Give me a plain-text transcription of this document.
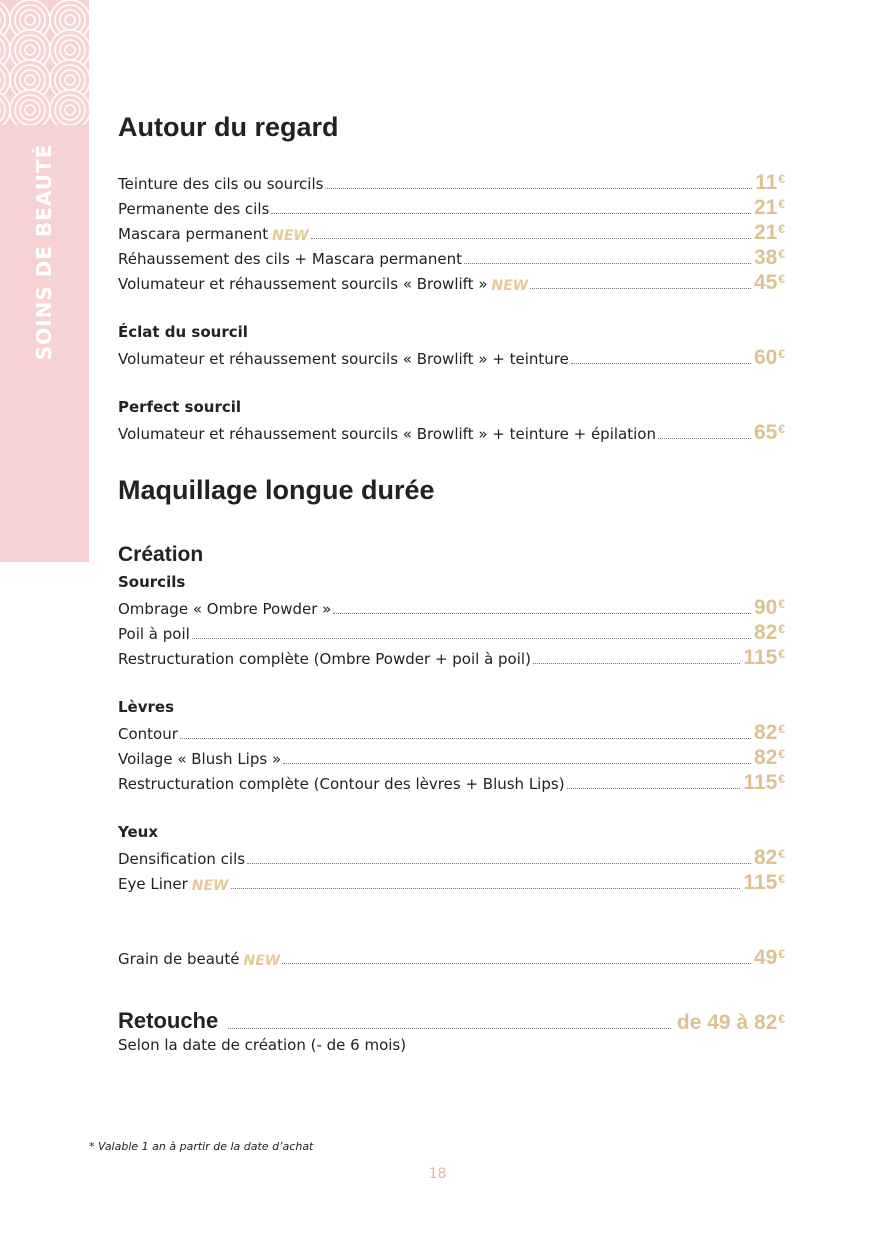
SOINS DE BEAUTÉ
Autour du regard
Teinture des cils ou sourcils	11€
Permanente des cils	21€
Mascara permanent NEW	21€
Réhaussement des cils + Mascara permanent	38€
Volumateur et réhaussement sourcils « Browlift » NEW	45€
Éclat du sourcil
Volumateur et réhaussement sourcils « Browlift » + teinture	60€
Perfect sourcil
Volumateur et réhaussement sourcils « Browlift » + teinture + épilation	65€
Maquillage longue durée
Création
Sourcils
Ombrage « Ombre Powder »	90€
Poil à poil	82€
Restructuration complète (Ombre Powder + poil à poil)	115€
Lèvres
Contour	82€
Voilage « Blush Lips »	82€
Restructuration complète (Contour des lèvres + Blush Lips)	115€
Yeux
Densification cils	82€
Eye Liner NEW	115€
Grain de beauté NEW	49€
Retouche	de 49 à 82€
Selon la date de création (- de 6 mois)
* Valable 1 an à partir de la date d’achat
18
